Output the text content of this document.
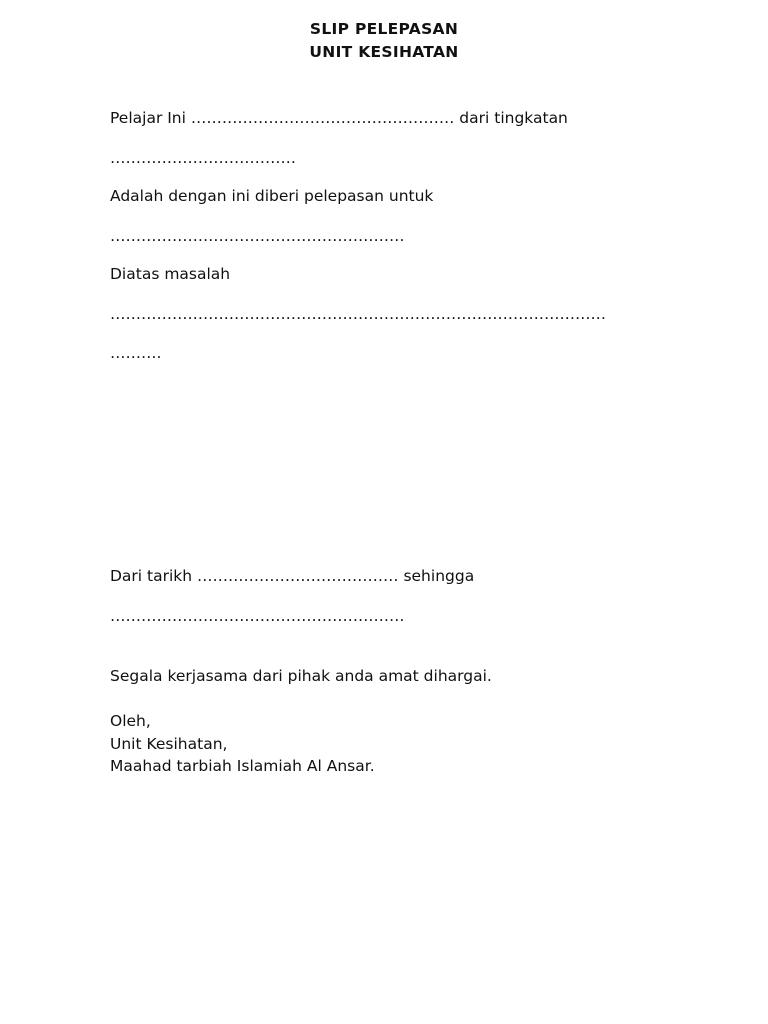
SLIP PELEPASAN
UNIT KESIHATAN
Pelajar Ini …………………………………………… dari tingkatan
………………………………
Adalah dengan ini diberi pelepasan untuk
…………………………………………………
Diatas masalah
……………………………………………………………………………………
……….
Dari tarikh ………………………………… sehingga
…………………………………………………
Segala kerjasama dari pihak anda amat dihargai.
Oleh,
Unit Kesihatan,
Maahad tarbiah Islamiah Al Ansar.
